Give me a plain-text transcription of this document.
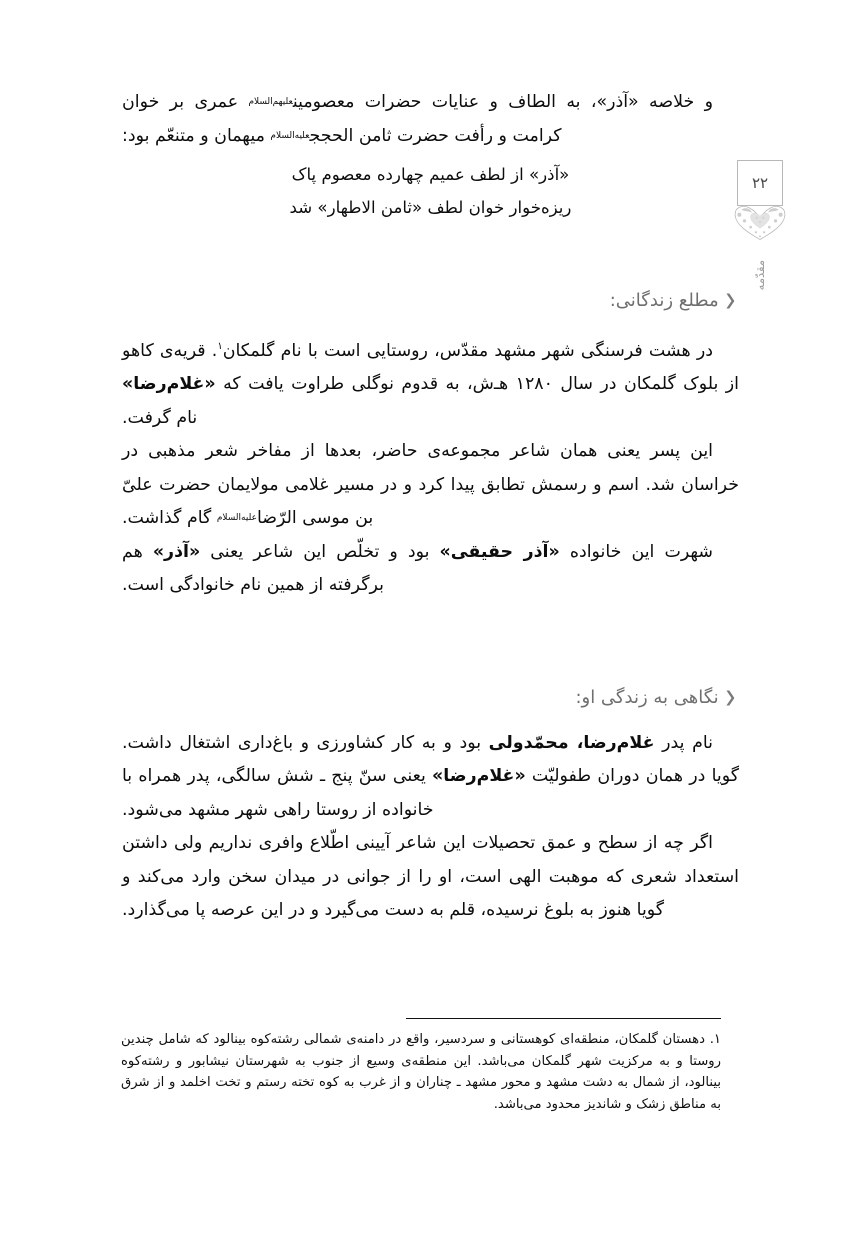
۲۲
مقدّمه

و خلاصه «آذر»، به الطاف و عنایات حضرات معصومینعلیهم‌السلام عمری بر خوان کرامت و رأفت حضرت ثامن الحججعلیه‌السلام میهمان و متنعّم بود:

«آذر» از لطف عمیم چهارده معصوم پاک
ریزه‌خوار خوان لطف «ثامن الاطهار» شد

❬ مطلع زندگانی:

در هشت فرسنگی شهر مشهد مقدّس، روستایی است با نام گلمکان$^۱$. قریه‌ی کاهو از بلوک گلمکان در سال ۱۲۸۰ هـ‌ش، به قدوم نوگلی طراوت یافت که «غلام‌رضا» نام گرفت.

این پسر یعنی همان شاعر مجموعه‌ی حاضر، بعدها از مفاخر شعر مذهبی در خراسان شد. اسم و رسمش تطابق پیدا کرد و در مسیر غلامی مولایمان حضرت علیّ بن موسی الرّضاعلیه‌السلام گام گذاشت.

شهرت این خانواده «آذر حقیقی» بود و تخلّص این شاعر یعنی «آذر» هم برگرفته از همین نام خانوادگی است.

❬ نگاهی به زندگی او:

نام پدر غلام‌رضا، محمّدولی بود و به کار کشاورزی و باغ‌داری اشتغال داشت. گویا در همان دوران طفولیّت «غلام‌رضا» یعنی سنّ پنج ـ شش سالگی، پدر همراه با خانواده از روستا راهی شهر مشهد می‌شود.

اگر چه از سطح و عمق تحصیلات این شاعر آیینی اطّلاع وافری نداریم ولی داشتن استعداد شعری که موهبت الهی است، او را از جوانی در میدان سخن وارد می‌کند و گویا هنوز به بلوغ نرسیده، قلم به دست می‌گیرد و در این عرصه پا می‌گذارد.

۱. دهستان گلمکان، منطقه‌ای کوهستانی و سردسیر، واقع در دامنه‌ی شمالی رشته‌کوه بینالود که شامل چندین روستا و به مرکزیت شهر گلمکان می‌باشد. این منطقه‌ی وسیع از جنوب به شهرستان نیشابور و رشته‌کوه بینالود، از شمال به دشت مشهد و محور مشهد ـ چناران و از غرب به کوه تخته رستم و تخت اخلمد و از شرق به مناطق زشک و شاندیز محدود می‌باشد.
